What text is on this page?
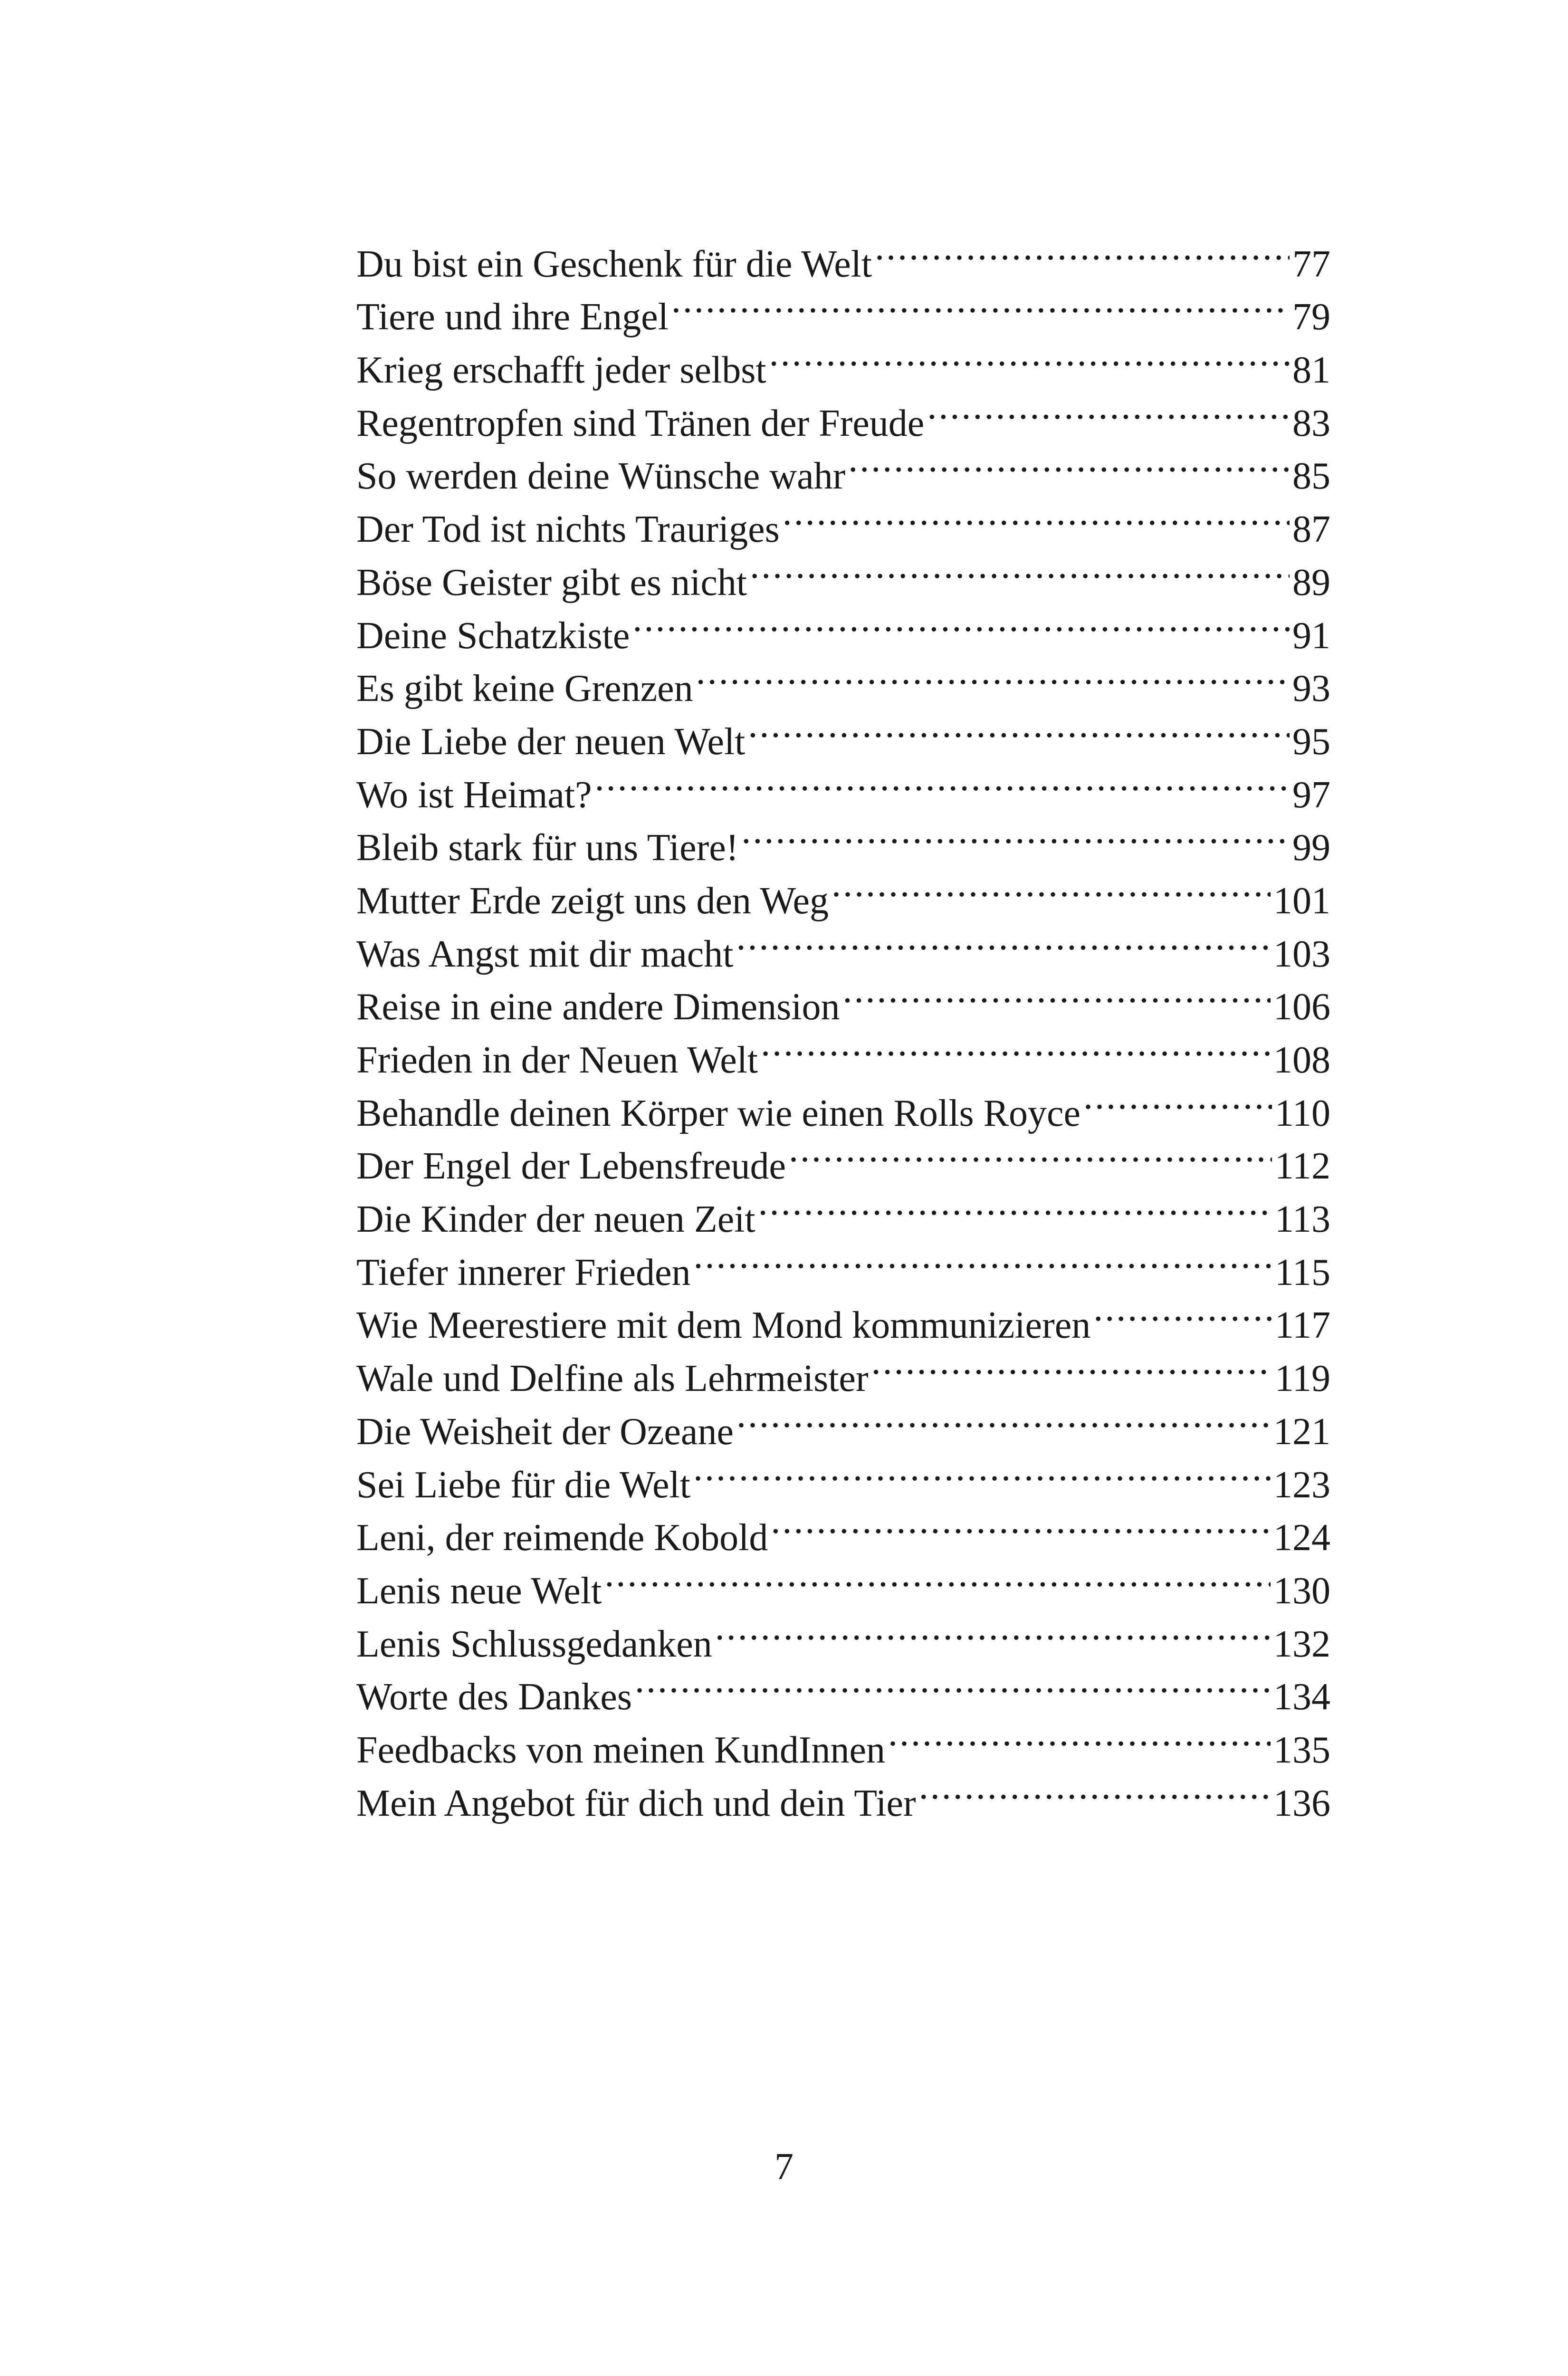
Du bist ein Geschenk für die Welt .....	77
Tiere und ihre Engel .....	79
Krieg erschafft jeder selbst .....	81
Regentropfen sind Tränen der Freude .....	83
So werden deine Wünsche wahr .....	85
Der Tod ist nichts Trauriges .....	87
Böse Geister gibt es nicht .....	89
Deine Schatzkiste .....	91
Es gibt keine Grenzen .....	93
Die Liebe der neuen Welt .....	95
Wo ist Heimat? .....	97
Bleib stark für uns Tiere! .....	99
Mutter Erde zeigt uns den Weg .....	101
Was Angst mit dir macht .....	103
Reise in eine andere Dimension .....	106
Frieden in der Neuen Welt .....	108
Behandle deinen Körper wie einen Rolls Royce .....	110
Der Engel der Lebensfreude .....	112
Die Kinder der neuen Zeit .....	113
Tiefer innerer Frieden .....	115
Wie Meerestiere mit dem Mond kommunizieren .....	117
Wale und Delfine als Lehrmeister .....	119
Die Weisheit der Ozeane .....	121
Sei Liebe für die Welt .....	123
Leni, der reimende Kobold .....	124
Lenis neue Welt .....	130
Lenis Schlussgedanken .....	132
Worte des Dankes .....	134
Feedbacks von meinen KundInnen .....	135
Mein Angebot für dich und dein Tier .....	136
7
